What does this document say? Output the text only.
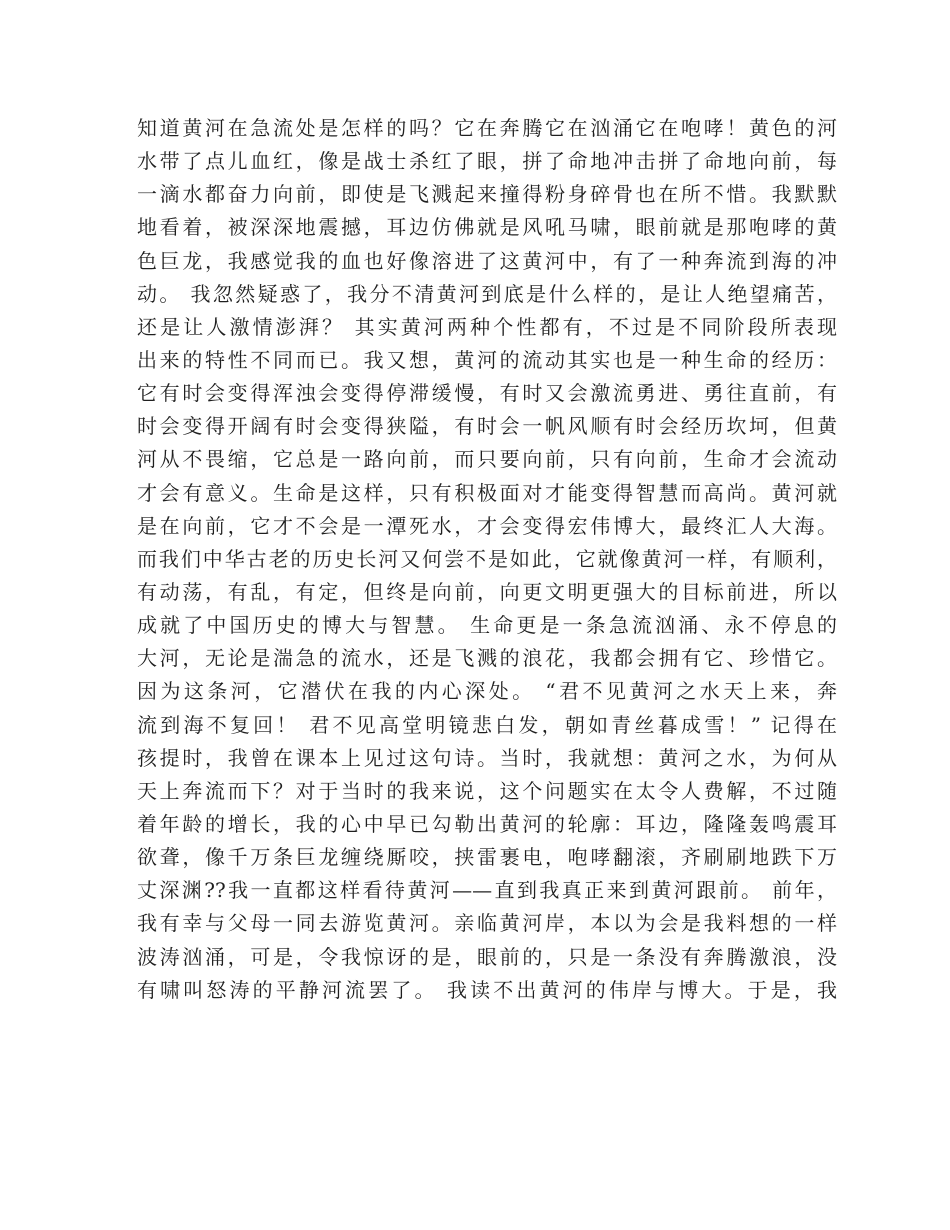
知道黄河在急流处是怎样的吗？它在奔腾它在汹涌它在咆哮！黄色的河
水带了点儿血红，像是战士杀红了眼，拼了命地冲击拼了命地向前，每
一滴水都奋力向前，即使是飞溅起来撞得粉身碎骨也在所不惜。我默默
地看着，被深深地震撼，耳边仿佛就是风吼马啸，眼前就是那咆哮的黄
色巨龙，我感觉我的血也好像溶进了这黄河中，有了一种奔流到海的冲
动。 我忽然疑惑了，我分不清黄河到底是什么样的，是让人绝望痛苦，
还是让人激情澎湃？ 其实黄河两种个性都有，不过是不同阶段所表现
出来的特性不同而已。我又想，黄河的流动其实也是一种生命的经历：
它有时会变得浑浊会变得停滞缓慢，有时又会激流勇进、勇往直前，有
时会变得开阔有时会变得狭隘，有时会一帆风顺有时会经历坎坷，但黄
河从不畏缩，它总是一路向前，而只要向前，只有向前，生命才会流动
才会有意义。生命是这样，只有积极面对才能变得智慧而高尚。黄河就
是在向前，它才不会是一潭死水，才会变得宏伟博大，最终汇人大海。
而我们中华古老的历史长河又何尝不是如此，它就像黄河一样，有顺利，
有动荡，有乱，有定，但终是向前，向更文明更强大的目标前进，所以
成就了中国历史的博大与智慧。 生命更是一条急流汹涌、永不停息的
大河，无论是湍急的流水，还是飞溅的浪花，我都会拥有它、珍惜它。
因为这条河，它潜伏在我的内心深处。 “君不见黄河之水天上来，奔
流到海不复回！ 君不见高堂明镜悲白发，朝如青丝暮成雪！” 记得在
孩提时，我曾在课本上见过这句诗。当时，我就想：黄河之水，为何从
天上奔流而下？对于当时的我来说，这个问题实在太令人费解，不过随
着年龄的增长，我的心中早已勾勒出黄河的轮廓：耳边，隆隆轰鸣震耳
欲聋，像千万条巨龙缠绕厮咬，挟雷裹电，咆哮翻滚，齐刷刷地跌下万
丈深渊??我一直都这样看待黄河——直到我真正来到黄河跟前。 前年，
我有幸与父母一同去游览黄河。亲临黄河岸，本以为会是我料想的一样
波涛汹涌，可是，令我惊讶的是，眼前的，只是一条没有奔腾激浪，没
有啸叫怒涛的平静河流罢了。 我读不出黄河的伟岸与博大。于是，我
